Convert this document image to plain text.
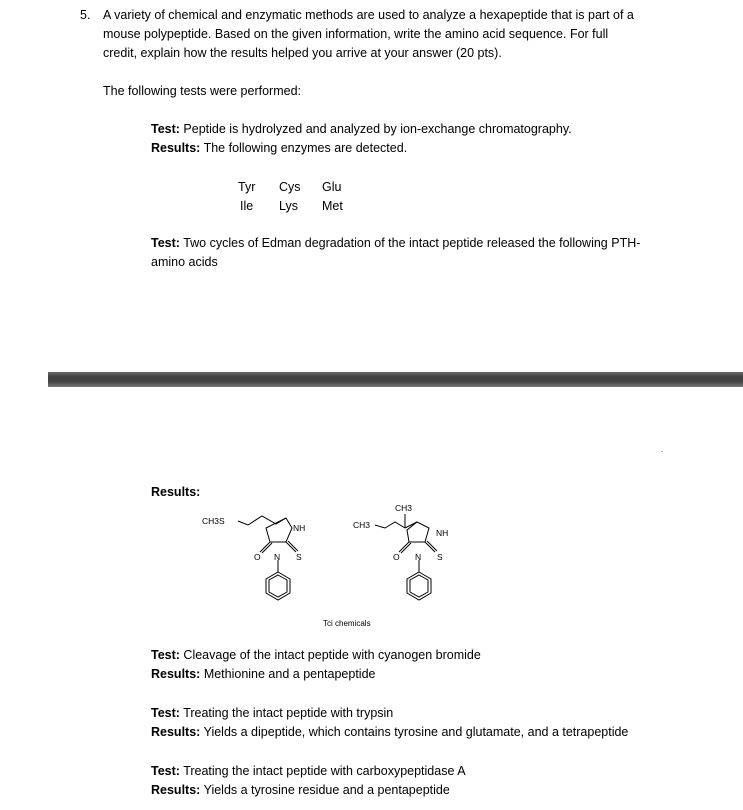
5. A variety of chemical and enzymatic methods are used to analyze a hexapeptide that is part of a
mouse polypeptide. Based on the given information, write the amino acid sequence. For full
credit, explain how the results helped you arrive at your answer (20 pts).

The following tests were performed:

Test: Peptide is hydrolyzed and analyzed by ion-exchange chromatography.
Results: The following enzymes are detected.
Tyr Cys Glu
Ile Lys Met
Test: Two cycles of Edman degradation of the intact peptide released the following PTH-
amino acids
Results:
CH3S
NH
O N S
CH3
CH3
NH
O N S
Tci chemicals
Test: Cleavage of the intact peptide with cyanogen bromide
Results: Methionine and a pentapeptide
Test: Treating the intact peptide with trypsin
Results: Yields a dipeptide, which contains tyrosine and glutamate, and a tetrapeptide
Test: Treating the intact peptide with carboxypeptidase A
Results: Yields a tyrosine residue and a pentapeptide
